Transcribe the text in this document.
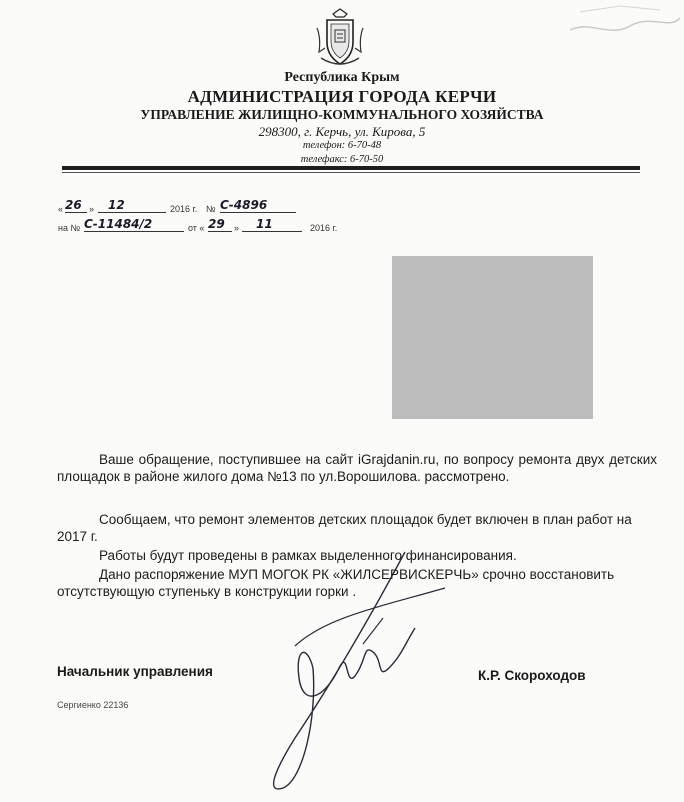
Республика Крым
АДМИНИСТРАЦИЯ ГОРОДА КЕРЧИ
УПРАВЛЕНИЕ ЖИЛИЩНО-КОММУНАЛЬНОГО ХОЗЯЙСТВА
298300, г. Керчь, ул. Кирова, 5
телефон: 6-70-48
телефакс: 6-70-50
« 26 »	12	2016 г. № С-4896
на № С-11484/2	от « 29	»	11	2016 г.
Ваше обращение, поступившее на сайт iGrajdanin.ru, по вопросу ремонта двух детских площадок в районе жилого дома №13 по ул.Ворошилова. рассмотрено.
Сообщаем, что ремонт элементов детских площадок будет включен в план работ на 2017 г.
Работы будут проведены в рамках выделенного финансирования.
Дано распоряжение МУП МОГОК РК «ЖИЛСЕРВИСКЕРЧЬ» срочно восстановить отсутствующую ступеньку в конструкции горки .
Начальник управления	К.Р. Скороходов
Сергиенко 22136
